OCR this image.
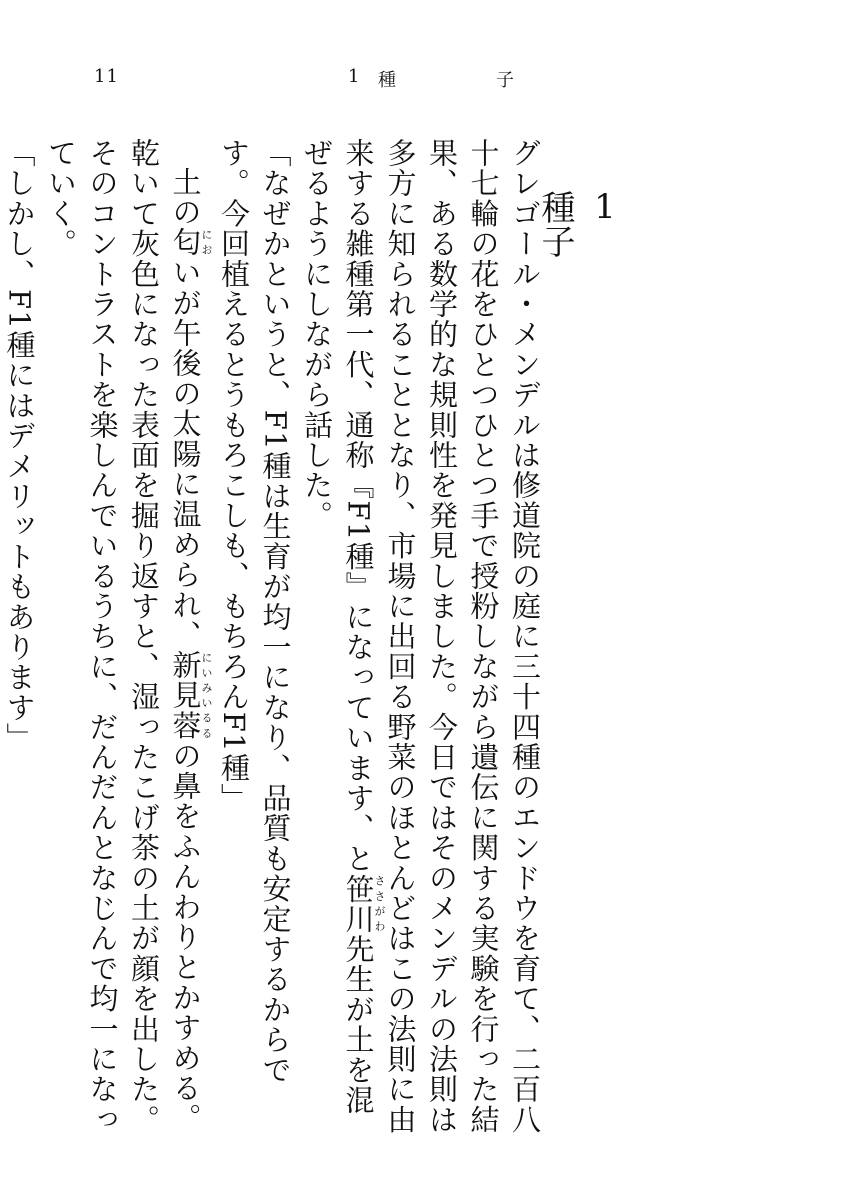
11	1	種	子
1
種子

グレゴール・メンデルは修道院の庭に三十四種のエンドウを育て、二百八十七輪の花をひとつひとつ手で授粉しながら遺伝に関する実験を行った結果、ある数学的な規則性を発見しました。今日ではそのメンデルの法則は多方に知られることとなり、市場に出回る野菜のほとんどはこの法則に由来する雑種第一代、通称『F1種』になっています、と笹川ささがわ先生が土を混ぜるようにしながら話した。

「なぜかというと、F1種は生育が均一になり、品質も安定するからです。今回植えるとうもろこしも、もちろんF1種」

土の匂においが午後の太陽に温められ、新見蓉にいみいるるの鼻をふんわりとかすめる。乾いて灰色になった表面を掘り返すと、湿ったこげ茶の土が顔を出した。そのコントラストを楽しんでいるうちに、だんだんとなじんで均一になっていく。

「しかし、F1種にはデメリットもあります」
